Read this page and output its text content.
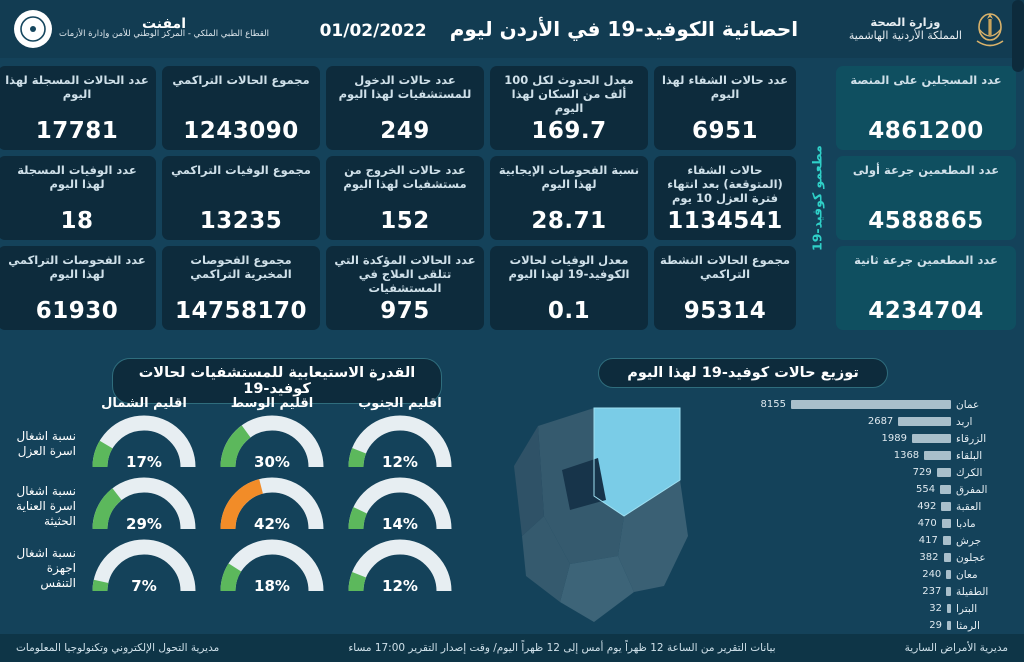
وزارة الصحة
المملكة الأردنية الهاشمية
احصائية الكوفيد-19 في الأردن ليوم 01/02/2022
امفنت
القطاع الطبي الملكي - المركز الوطني للأمن وإدارة الأزمات
مطعمو كوفيد-19
عدد المسجلين على المنصة
4861200
عدد المطعمين جرعة أولى
4588865
عدد المطعمين جرعة ثانية
4234704
عدد حالات الشفاء لهذا اليوم
6951
معدل الحدوث لكل 100 ألف من السكان لهذا اليوم
169.7
عدد حالات الدخول للمستشفيات لهذا اليوم
249
مجموع الحالات التراكمي
1243090
عدد الحالات المسجلة لهذا اليوم
17781
حالات الشفاء (المتوقعة) بعد انتهاء فترة العزل 10 يوم
1134541
نسبة الفحوصات الإيجابية لهذا اليوم
28.71
عدد حالات الخروج من مستشفيات لهذا اليوم
152
مجموع الوفيات التراكمي
13235
مجموع الحالات النشطة التراكمي
95314
معدل الوفيات لحالات الكوفيد-19 لهذا اليوم
0.1
عدد الحالات المؤكدة التي تتلقى العلاج في المستشفيات
975
مجموع الفحوصات المخبرية التراكمي
14758170
عدد الوفيات المسجلة لهذا اليوم
18
عدد الفحوصات التراكمي لهذا اليوم
61930
توزيع حالات كوفيد-19 لهذا اليوم
القدرة الاستيعابية للمستشفيات لحالات كوفيد-19
عمان
8155
اربد
2687
الزرقاء
1989
البلقاء
1368
الكرك
729
المفرق
554
العقبة
492
مادبا
470
جرش
417
عجلون
382
معان
240
الطفيلة
237
البترا
32
الرمثا
29
اقليم الجنوب
اقليم الوسط
اقليم الشمال
12%
30%
17%
نسبة اشغال اسرة العزل
14%
42%
29%
نسبة اشغال اسرة العناية الحثيثة
12%
18%
7%
نسبة اشغال اجهزة التنفس
مديرية الأمراض السارية
بيانات التقرير من الساعة 12 ظهراً يوم أمس إلى 12 ظهراً اليوم/ وقت إصدار التقرير 17:00 مساء
مديرية التحول الإلكتروني وتكنولوجيا المعلومات
